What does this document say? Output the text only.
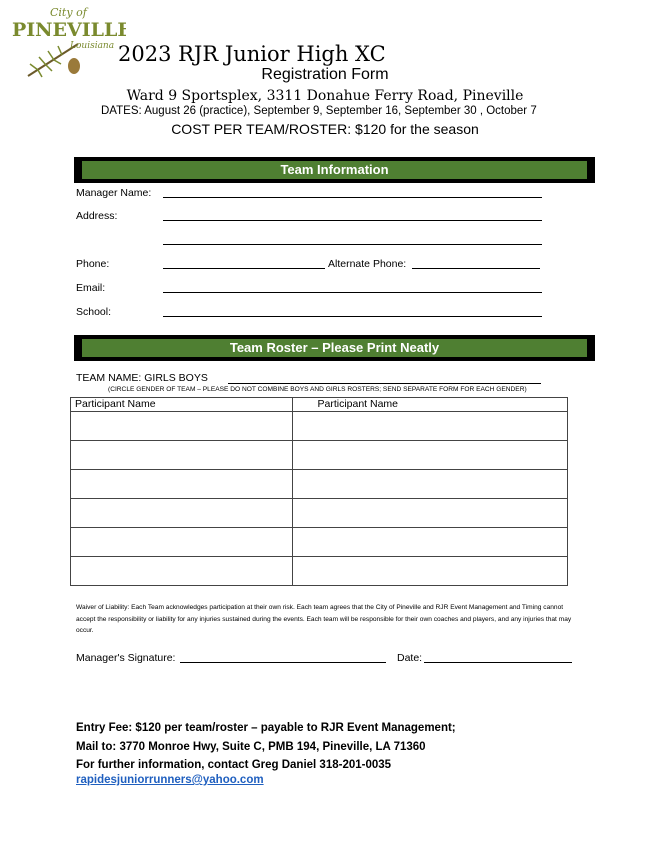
City of
PINEVILLE
Louisiana 2023 RJR Junior High XC
Registration Form
Ward 9 Sportsplex, 3311 Donahue Ferry Road, Pineville
DATES: August 26 (practice), September 9, September 16, September 30 , October 7
COST PER TEAM/ROSTER: $120 for the season
Team Information
Manager Name:
Address:
Phone:	Alternate Phone:
Email:
School:
Team Roster – Please Print Neatly
TEAM NAME: GIRLS BOYS
(CIRCLE GENDER OF TEAM – PLEASE DO NOT COMBINE BOYS AND GIRLS ROSTERS; SEND SEPARATE FORM FOR EACH GENDER)
Participant Name	Participant Name

Waiver of Liability: Each Team acknowledges participation at their own risk. Each team agrees that the City of Pineville and RJR Event Management and Timing cannot accept the responsibility or liability for any injuries sustained during the events. Each team will be responsible for their own coaches and players, and any injuries that may occur.
Manager's Signature:	Date:
Entry Fee: $120 per team/roster – payable to RJR Event Management;
Mail to: 3770 Monroe Hwy, Suite C, PMB 194, Pineville, LA 71360
For further information, contact Greg Daniel 318-201-0035
rapidesjuniorrunners@yahoo.com
